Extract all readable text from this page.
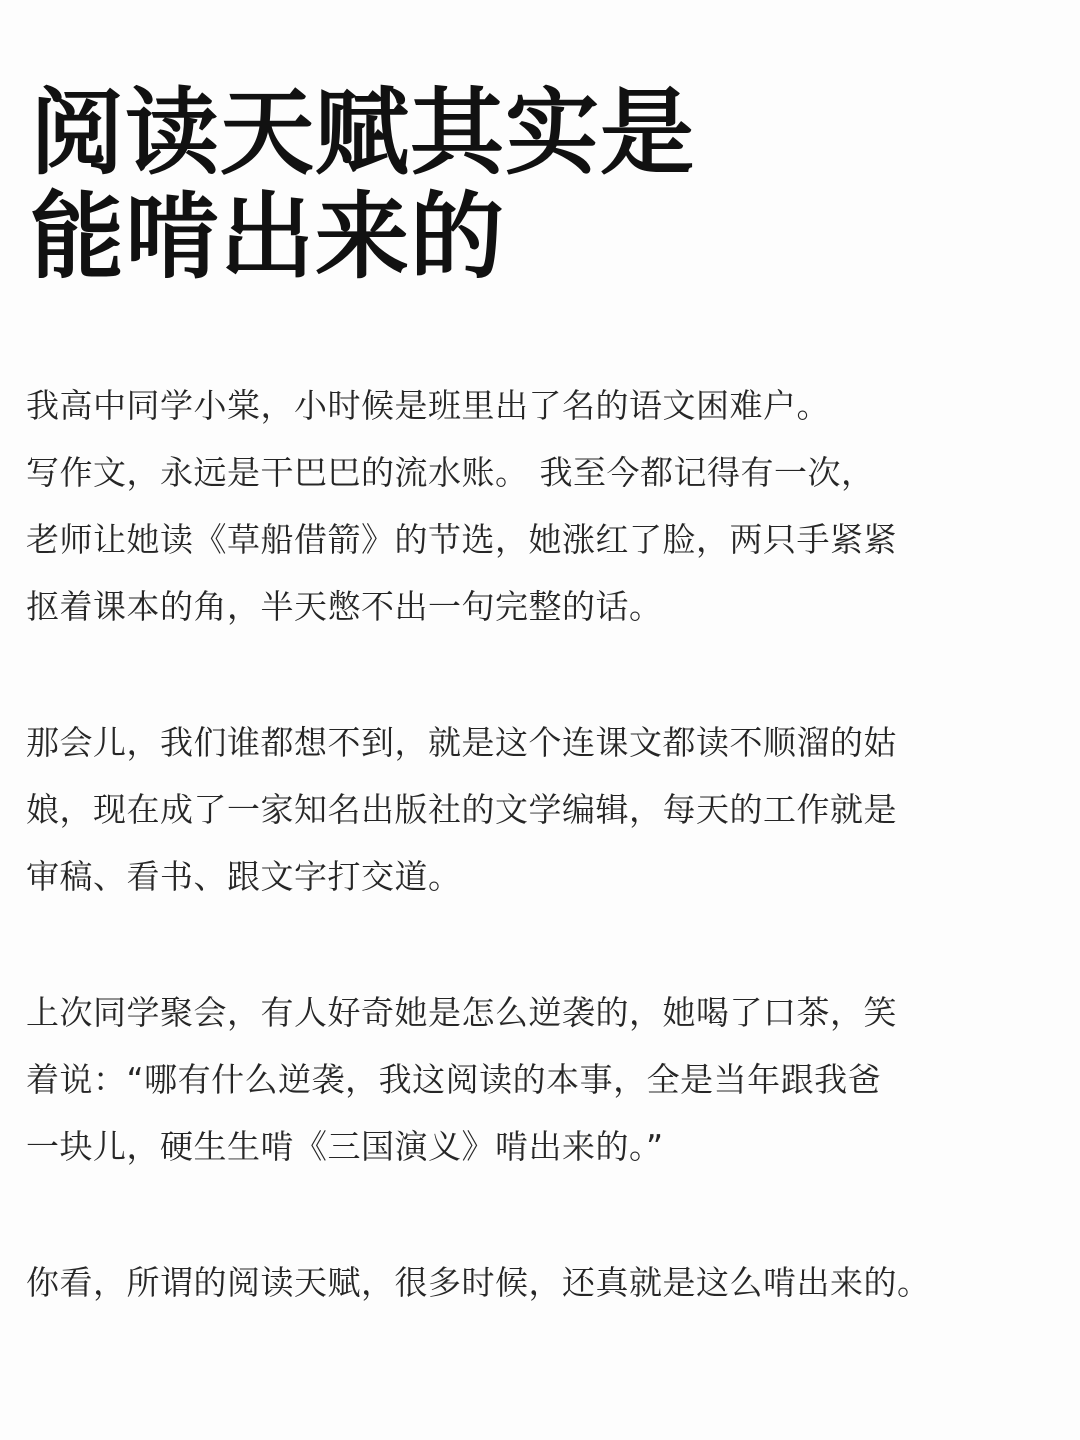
阅读天赋其实是
能啃出来的

我高中同学小棠，小时候是班里出了名的语文困难户。
写作文，永远是干巴巴的流水账。 我至今都记得有一次，
老师让她读《草船借箭》的节选，她涨红了脸，两只手紧紧
抠着课本的角，半天憋不出一句完整的话。

那会儿，我们谁都想不到，就是这个连课文都读不顺溜的姑
娘，现在成了一家知名出版社的文学编辑，每天的工作就是
审稿、看书、跟文字打交道。

上次同学聚会，有人好奇她是怎么逆袭的，她喝了口茶，笑
着说：“哪有什么逆袭，我这阅读的本事，全是当年跟我爸
一块儿，硬生生啃《三国演义》啃出来的。”

你看，所谓的阅读天赋，很多时候，还真就是这么啃出来的。
